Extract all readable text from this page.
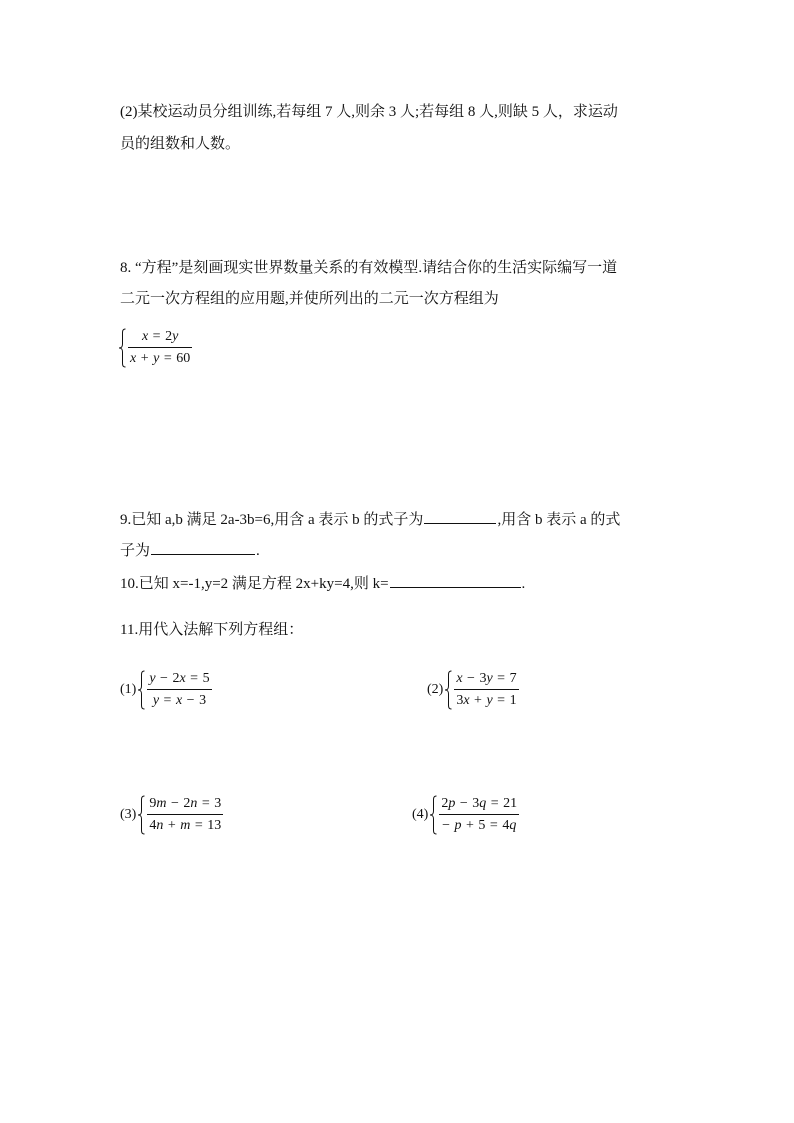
(2)某校运动员分组训练,若每组 7 人,则余 3 人;若每组 8 人,则缺 5 人，求运动
员的组数和人数。
8. “方程”是刻画现实世界数量关系的有效模型.请结合你的生活实际编写一道
二元一次方程组的应用题,并使所列出的二元一次方程组为
x = 2y
x + y = 60
9.已知 a,b 满足 2a-3b=6,用含 a 表示 b 的式子为	,用含 b 表示 a 的式
子为	.
10.已知 x=-1,y=2 满足方程 2x+ky=4,则 k=	.
11.用代入法解下列方程组：
(1)
y − 2x = 5
y = x − 3
(2)
x − 3y = 7
3x + y = 1
(3)
9m − 2n = 3
4n + m = 13
(4)
2p − 3q = 21
− p + 5 = 4q
